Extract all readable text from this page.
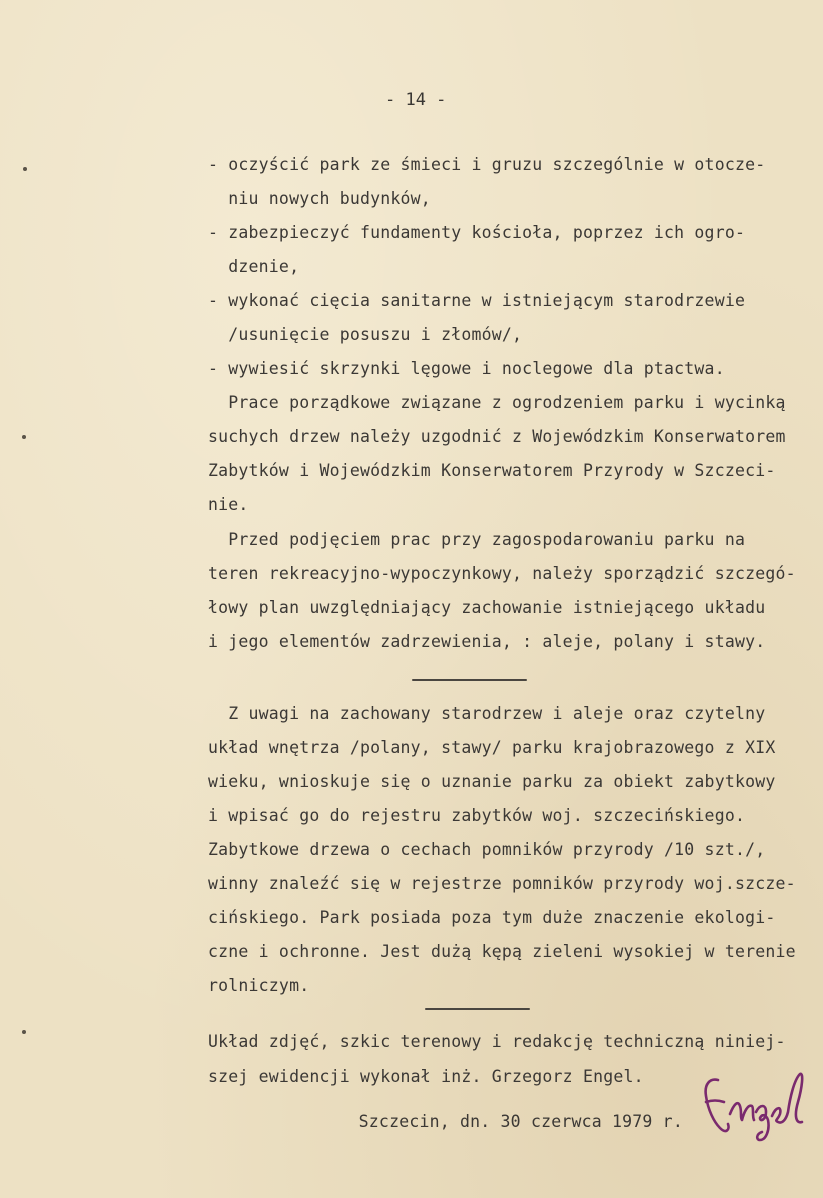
- 14 -
- oczyścić park ze śmieci i gruzu szczególnie w otocze-
niu nowych budynków,
- zabezpieczyć fundamenty kościoła, poprzez ich ogro-
dzenie,
- wykonać cięcia sanitarne w istniejącym starodrzewie
/usunięcie posuszu i złomów/,
- wywiesić skrzynki lęgowe i noclegowe dla ptactwa.
Prace porządkowe związane z ogrodzeniem parku i wycinką
suchych drzew należy uzgodnić z Wojewódzkim Konserwatorem
Zabytków i Wojewódzkim Konserwatorem Przyrody w Szczeci-
nie.
Przed podjęciem prac przy zagospodarowaniu parku na
teren rekreacyjno-wypoczynkowy, należy sporządzić szczegó-
łowy plan uwzględniający zachowanie istniejącego układu
i jego elementów zadrzewienia, : aleje, polany i stawy.
Z uwagi na zachowany starodrzew i aleje oraz czytelny
układ wnętrza /polany, stawy/ parku krajobrazowego z XIX
wieku, wnioskuje się o uznanie parku za obiekt zabytkowy
i wpisać go do rejestru zabytków woj. szczecińskiego.
Zabytkowe drzewa o cechach pomników przyrody /10 szt./,
winny znaleźć się w rejestrze pomników przyrody woj.szcze-
cińskiego. Park posiada poza tym duże znaczenie ekologi-
czne i ochronne. Jest dużą kępą zieleni wysokiej w terenie
rolniczym.
Układ zdjęć, szkic terenowy i redakcję techniczną niniej-
szej ewidencji wykonał inż. Grzegorz Engel.
Szczecin, dn. 30 czerwca 1979 r.
